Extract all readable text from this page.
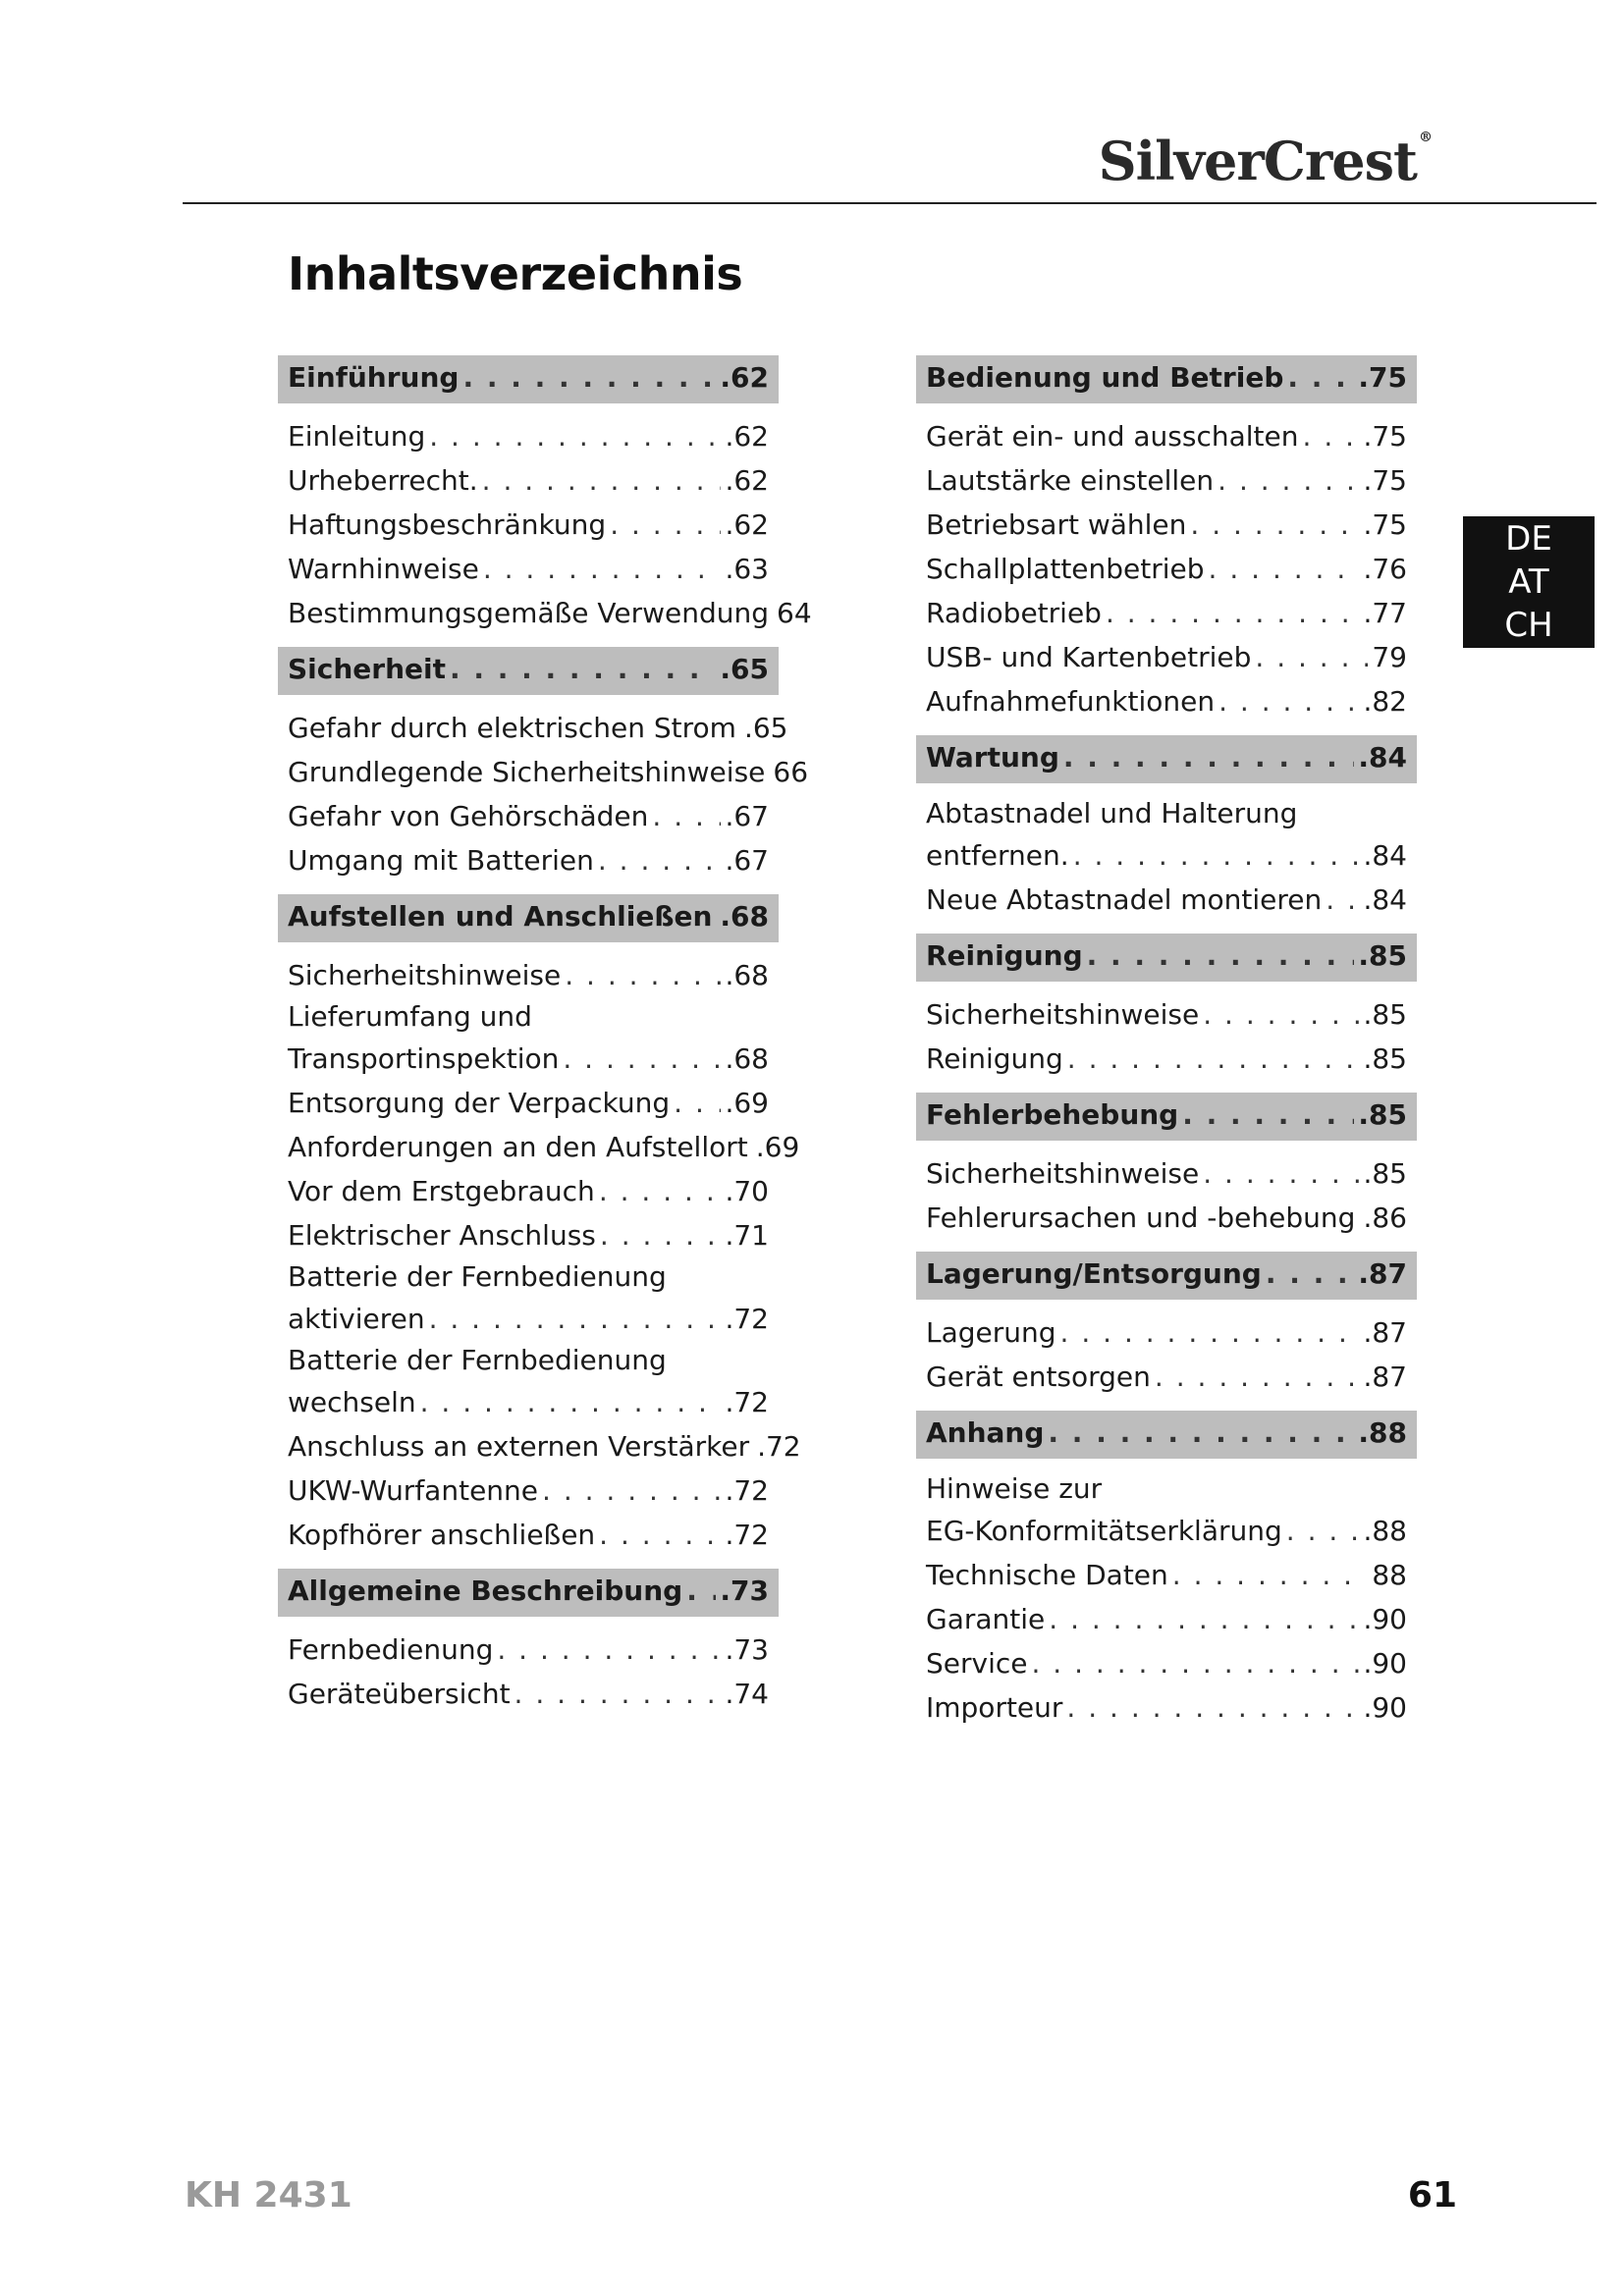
SilverCrest ®
Inhaltsverzeichnis
Einführung . . .	.62
Einleitung . . .	.62
Urheberrecht. . . .	.62
Haftungsbeschränkung . . .	.62
Warnhinweise . . .	.63
Bestimmungsgemäße Verwendung 64
Sicherheit . . .	.65
Gefahr durch elektrischen Strom .65
Grundlegende Sicherheitshinweise 66
Gefahr von Gehörschäden . . .	.67
Umgang mit Batterien . . .	.67
Aufstellen und Anschließen .68
Sicherheitshinweise . . .	.68
Lieferumfang und
Transportinspektion . . .	.68
Entsorgung der Verpackung . . . .69
Anforderungen an den Aufstellort .69
Vor dem Erstgebrauch . . .	.70
Elektrischer Anschluss . . .	.71
Batterie der Fernbedienung
aktivieren . . .	.72
Batterie der Fernbedienung
wechseln . . .	.72
Anschluss an externen Verstärker .72
UKW-Wurfantenne . . .	.72
Kopfhörer anschließen . . .	.72
Allgemeine Beschreibung . . . .73
Fernbedienung . . .	.73
Geräteübersicht . . .	.74
Bedienung und Betrieb . . .	.75
Gerät ein- und ausschalten . . . .75
Lautstärke einstellen . . .	.75
Betriebsart wählen . . .	.75
Schallplattenbetrieb . . .	.76
Radiobetrieb . . .	.77
USB- und Kartenbetrieb . . .	79
Aufnahmefunktionen . . .	.82
Wartung . . .	.84
Abtastnadel und Halterung
entfernen. . . .	.84
Neue Abtastnadel montieren . . . .84
Reinigung . . .	.85
Sicherheitshinweise . . .	.85
Reinigung . . .	.85
Fehlerbehebung . . .	.85
Sicherheitshinweise . . .	.85
Fehlerursachen und -behebung . . . .86
Lagerung/Entsorgung . . .	.87
Lagerung . . .	.87
Gerät entsorgen . . .	.87
Anhang . . .	.88
Hinweise zur
EG-Konformitätserklärung . . .	.88
Technische Daten . . .	88
Garantie . . .	.90
Service . . .	.90
Importeur . . .	.90
DE
AT
CH
KH 2431	61
